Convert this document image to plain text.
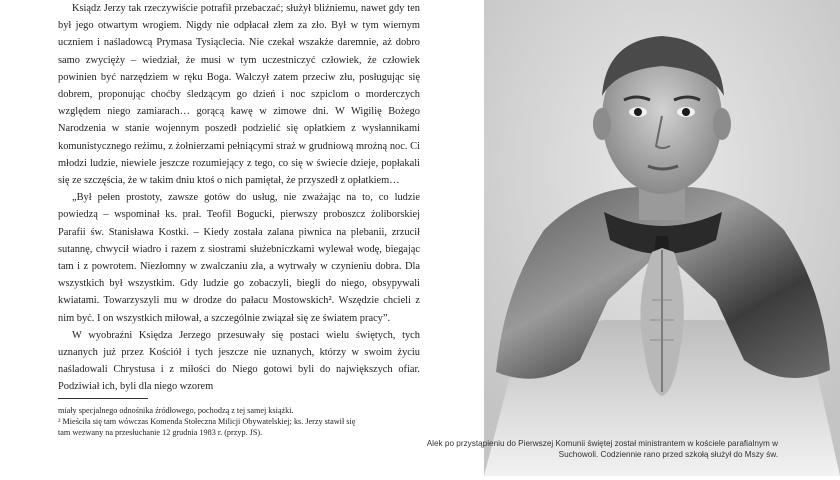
Ksiądz Jerzy tak rzeczywiście potrafił przebaczać; służył bliźniemu, nawet gdy ten był jego otwartym wrogiem. Nigdy nie odpłacał złem za zło. Był w tym wiernym uczniem i naśladowcą Prymasa Tysiąclecia. Nie czekał wszakże daremnie, aż dobro samo zwycięży – wiedział, że musi w tym uczestniczyć człowiek, że człowiek powinien być narzędziem w ręku Boga. Walczył zatem przeciw złu, posługując się dobrem, proponując choćby śledzącym go dzień i noc szpiclom o morderczych względem niego zamiarach… gorącą kawę w zimowe dni. W Wigilię Bożego Narodzenia w stanie wojennym poszedł podzielić się opłatkiem z wysłannikami komunistycznego reżimu, z żołnierzami pełniącymi straż w grudniową mroźną noc. Ci młodzi ludzie, niewiele jeszcze rozumiejący z tego, co się w świecie dzieje, popłakali się ze szczęścia, że w takim dniu ktoś o nich pamiętał, że przyszedł z opłatkiem…

„Był pełen prostoty, zawsze gotów do usług, nie zważając na to, co ludzie powiedzą – wspominał ks. prał. Teofil Bogucki, pierwszy proboszcz żoliborskiej Parafii św. Stanisława Kostki. – Kiedy została zalana piwnica na plebanii, zrzucił sutannę, chwycił wiadro i razem z siostrami służebniczkami wylewał wodę, biegając tam i z powrotem. Niezłomny w zwalczaniu zła, a wytrwały w czynieniu dobra. Dla wszystkich był wszystkim. Gdy ludzie go zobaczyli, biegli do niego, obsypywali kwiatami. Towarzyszyli mu w drodze do pałacu Mostowskich². Wszędzie chcieli z nim być. I on wszystkich miłował, a szczególnie związał się ze światem pracy”.

W wyobraźni Księdza Jerzego przesuwały się postaci wielu świętych, tych uznanych już przez Kościół i tych jeszcze nie uznanych, którzy w swoim życiu naśladowali Chrystusa i z miłości do Niego gotowi byli do największych ofiar. Podziwiał ich, byli dla niego wzorem

miały specjalnego odnośnika źródłowego, pochodzą z tej samej książki.

² Mieściła się tam wówczas Komenda Stołeczna Milicji Obywatelskiej; ks. Jerzy stawił się tam wezwany na przesłuchanie 12 grudnia 1983 r. (przyp. JS).

Alek po przystąpieniu do Pierwszej Komunii świętej został ministrantem w kościele parafialnym w Suchowoli. Codziennie rano przed szkołą służył do Mszy św.
